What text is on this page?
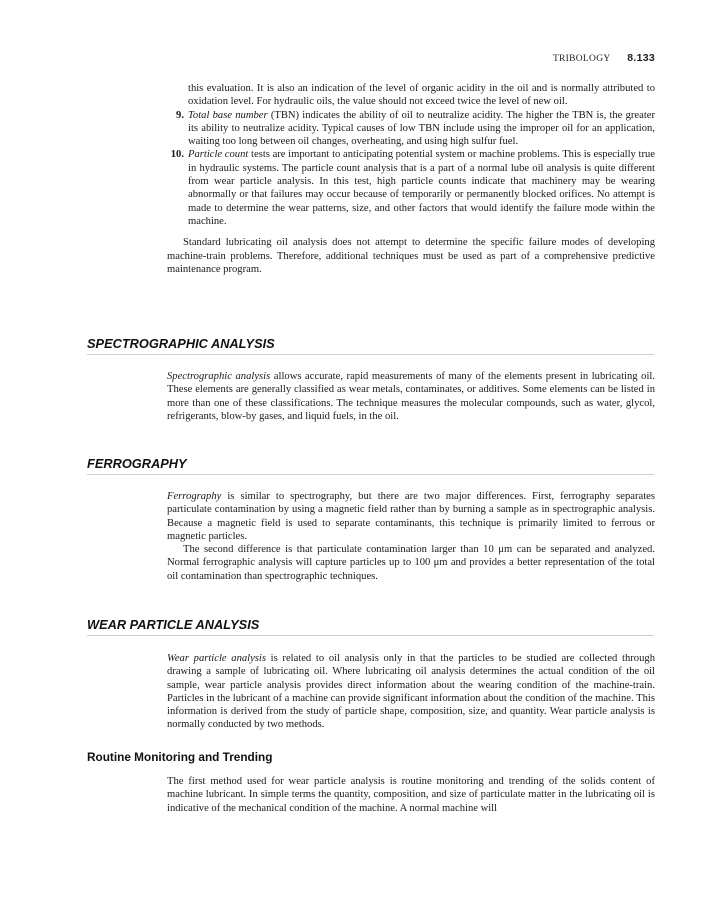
TRIBOLOGY 8.133

this evaluation. It is also an indication of the level of organic acidity in the oil and is normally attributed to oxidation level. For hydraulic oils, the value should not exceed twice the level of new oil.

9. Total base number (TBN) indicates the ability of oil to neutralize acidity. The higher the TBN is, the greater its ability to neutralize acidity. Typical causes of low TBN include using the improper oil for an application, waiting too long between oil changes, overheating, and using high sulfur fuel.

10. Particle count tests are important to anticipating potential system or machine problems. This is especially true in hydraulic systems. The particle count analysis that is a part of a normal lube oil analysis is quite different from wear particle analysis. In this test, high particle counts indicate that machinery may be wearing abnormally or that failures may occur because of temporarily or permanently blocked orifices. No attempt is made to determine the wear patterns, size, and other factors that would identify the failure mode within the machine.

Standard lubricating oil analysis does not attempt to determine the specific failure modes of developing machine-train problems. Therefore, additional techniques must be used as part of a comprehensive predictive maintenance program.

SPECTROGRAPHIC ANALYSIS

Spectrographic analysis allows accurate, rapid measurements of many of the elements present in lubricating oil. These elements are generally classified as wear metals, contaminates, or additives. Some elements can be listed in more than one of these classifications. The technique measures the molecular compounds, such as water, glycol, refrigerants, blow-by gases, and liquid fuels, in the oil.

FERROGRAPHY

Ferrography is similar to spectrography, but there are two major differences. First, ferrography separates particulate contamination by using a magnetic field rather than by burning a sample as in spectrographic analysis. Because a magnetic field is used to separate contaminants, this technique is primarily limited to ferrous or magnetic particles.

The second difference is that particulate contamination larger than 10 μm can be separated and analyzed. Normal ferrographic analysis will capture particles up to 100 μm and provides a better representation of the total oil contamination than spectrographic techniques.

WEAR PARTICLE ANALYSIS

Wear particle analysis is related to oil analysis only in that the particles to be studied are collected through drawing a sample of lubricating oil. Where lubricating oil analysis determines the actual condition of the oil sample, wear particle analysis provides direct information about the wearing condition of the machine-train. Particles in the lubricant of a machine can provide significant information about the condition of the machine. This information is derived from the study of particle shape, composition, size, and quantity. Wear particle analysis is normally conducted by two methods.

Routine Monitoring and Trending

The first method used for wear particle analysis is routine monitoring and trending of the solids content of machine lubricant. In simple terms the quantity, composition, and size of particulate matter in the lubricating oil is indicative of the mechanical condition of the machine. A normal machine will
